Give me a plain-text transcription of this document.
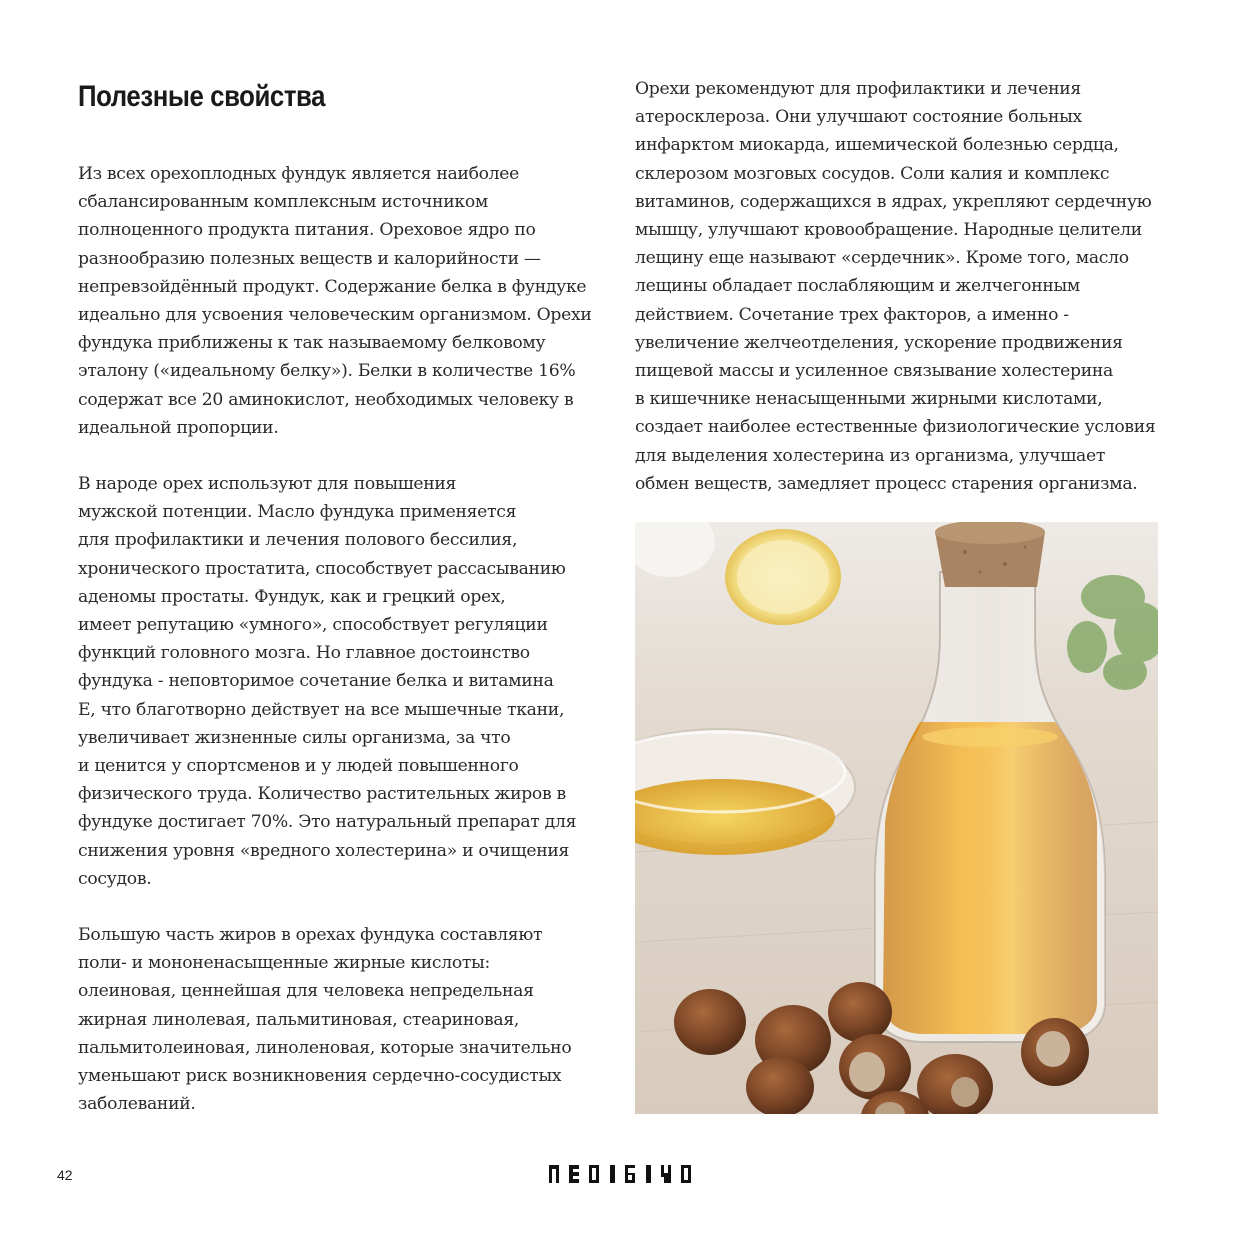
Полезные свойства

Из всех орехоплодных фундук является наиболее
сбалансированным комплексным источником
полноценного продукта питания. Ореховое ядро по
разнообразию полезных веществ и калорийности —
непревзойдённый продукт. Содержание белка в фундуке
идеально для усвоения человеческим организмом. Орехи
фундука приближены к так называемому белковому
эталону («идеальному белку»). Белки в количестве 16%
содержат все 20 аминокислот, необходимых человеку в
идеальной пропорции.

В народе орех используют для повышения
мужской потенции. Масло фундука применяется
для профилактики и лечения полового бессилия,
хронического простатита, способствует рассасыванию
аденомы простаты. Фундук, как и грецкий орех,
имеет репутацию «умного», способствует регуляции
функций головного мозга. Но главное достоинство
фундука - неповторимое сочетание белка и витамина
Е, что благотворно действует на все мышечные ткани,
увеличивает жизненные силы организма, за что
и ценится у спортсменов и у людей повышенного
физического труда. Количество растительных жиров в
фундуке достигает 70%. Это натуральный препарат для
снижения уровня «вредного холестерина» и очищения
сосудов.

Большую часть жиров в орехах фундука составляют
поли- и мононенасыщенные жирные кислоты:
олеиновая, ценнейшая для человека непредельная
жирная линолевая, пальмитиновая, стеариновая,
пальмитолеиновая, линоленовая, которые значительно
уменьшают риск возникновения сердечно-сосудистых
заболеваний.

Орехи рекомендуют для профилактики и лечения
атеросклероза. Они улучшают состояние больных
инфарктом миокарда, ишемической болезнью сердца,
склерозом мозговых сосудов. Соли калия и комплекс
витаминов, содержащихся в ядрах, укрепляют сердечную
мышцу, улучшают кровообращение. Народные целители
лещину еще называют «сердечник». Кроме того, масло
лещины обладает послабляющим и желчегонным
действием. Сочетание трех факторов, а именно -
увеличение желчеотделения, ускорение продвижения
пищевой массы и усиленное связывание холестерина
в кишечнике ненасыщенными жирными кислотами,
создает наиболее естественные физиологические условия
для выделения холестерина из организма, улучшает
обмен веществ, замедляет процесс старения организма.

42
